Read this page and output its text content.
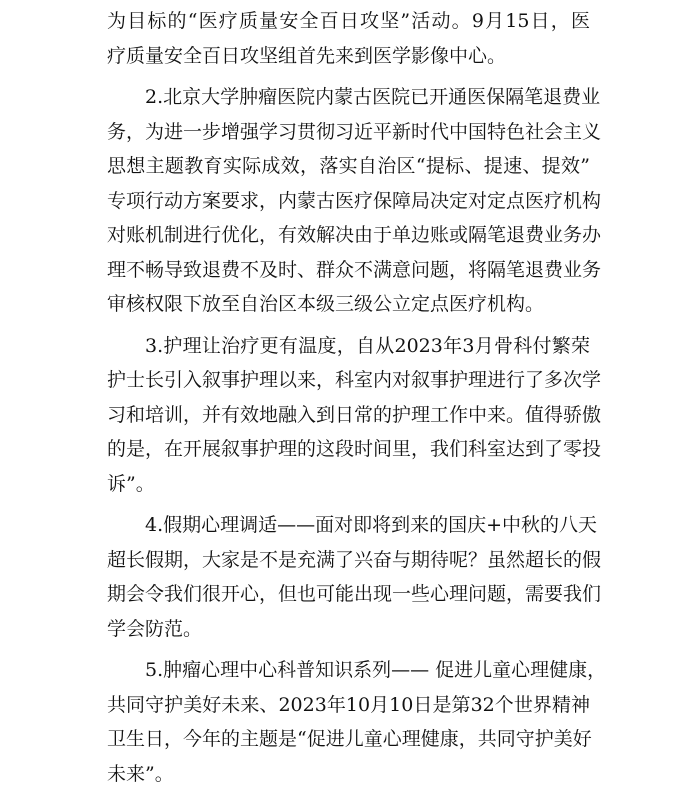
为目标的“医疗质量安全百日攻坚”活动。9月15日，医
疗质量安全百日攻坚组首先来到医学影像中心。

2.北京大学肿瘤医院内蒙古医院已开通医保隔笔退费业
务，为进一步增强学习贯彻习近平新时代中国特色社会主义
思想主题教育实际成效，落实自治区“提标、提速、提效”
专项行动方案要求，内蒙古医疗保障局决定对定点医疗机构
对账机制进行优化，有效解决由于单边账或隔笔退费业务办
理不畅导致退费不及时、群众不满意问题，将隔笔退费业务
审核权限下放至自治区本级三级公立定点医疗机构。

3.护理让治疗更有温度，自从2023年3月骨科付繁荣
护士长引入叙事护理以来，科室内对叙事护理进行了多次学
习和培训，并有效地融入到日常的护理工作中来。值得骄傲
的是，在开展叙事护理的这段时间里，我们科室达到了零投
诉”。

4.假期心理调适——面对即将到来的国庆+中秋的八天
超长假期，大家是不是充满了兴奋与期待呢？虽然超长的假
期会令我们很开心，但也可能出现一些心理问题，需要我们
学会防范。

5.肿瘤心理中心科普知识系列—— 促进儿童心理健康，
共同守护美好未来、2023年10月10日是第32个世界精神
卫生日，今年的主题是“促进儿童心理健康，共同守护美好
未来”。
